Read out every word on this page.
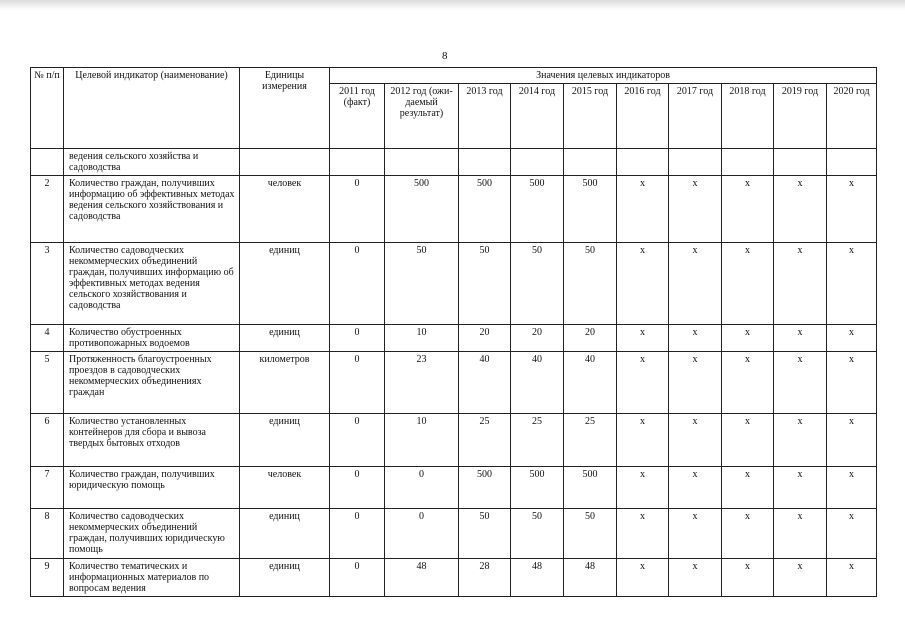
8
№ п/п	Целевой индикатор (наименование)	Единицы измерения	Значения целевых индикаторов									
			2011 год (факт)	2012 год (ожи-даемый результат)	2013 год	2014 год	2015 год	2016 год	2017 год	2018 год	2019 год	2020 год
	ведения сельского хозяйства и садоводства											
2	Количество граждан, получивших информацию об эффективных методах ведения сельского хозяйствования и садоводства	человек	0	500	500	500	500	х	х	х	х	х
3	Количество садоводческих некоммерческих объединений граждан, получивших информацию об эффективных методах ведения сельского хозяйствования и садоводства	единиц	0	50	50	50	50	х	х	х	х	х
4	Количество обустроенных противопожарных водоемов	единиц	0	10	20	20	20	х	х	х	х	х
5	Протяженность благоустроенных проездов в садоводческих некоммерческих объединениях граждан	километров	0	23	40	40	40	х	х	х	х	х
6	Количество установленных контейнеров для сбора и вывоза твердых бытовых отходов	единиц	0	10	25	25	25	х	х	х	х	х
7	Количество граждан, получивших юридическую помощь	человек	0	0	500	500	500	х	х	х	х	х
8	Количество садоводческих некоммерческих объединений граждан, получивших юридическую помощь	единиц	0	0	50	50	50	х	х	х	х	х
9	Количество тематических и информационных материалов по вопросам ведения	единиц	0	48	28	48	48	х	х	х	х	х
